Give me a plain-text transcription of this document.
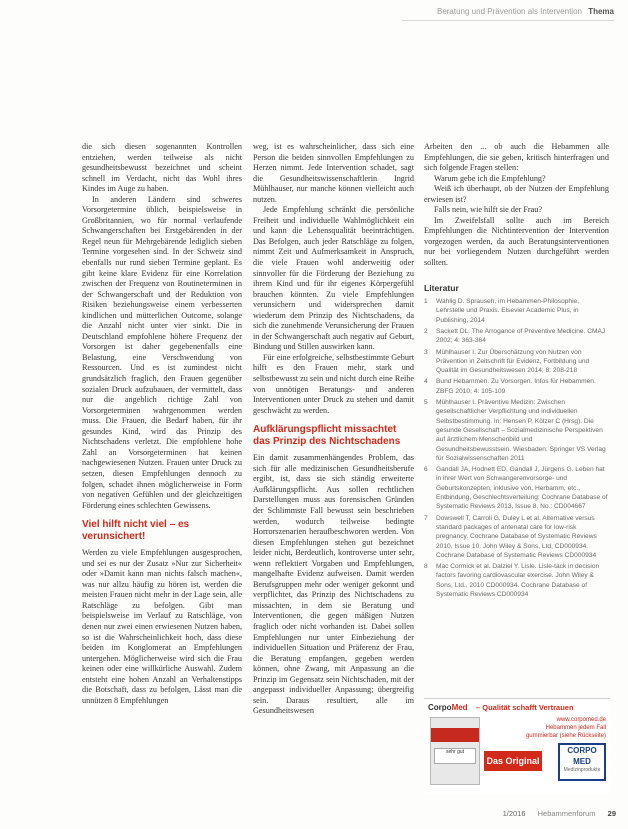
Beratung und Prävention als Intervention Thema

die sich diesen sogenannten Kontrollen entziehen, werden teilweise als nicht gesundheitsbewusst bezeichnet und scheint schnell im Verdacht, nicht das Wohl ihres Kindes im Auge zu haben.

In anderen Ländern sind schweres Vorsorgetermine üblich, beispielsweise in Großbritannien, wo für normal verlaufende Schwangerschaften bei Erstgebärenden in der Regel neun für Mehrgebärende lediglich sieben Termine vorgesehen sind. In der Schweiz sind ebenfalls nur rund sieben Termine geplant. Es gibt keine klare Evidenz für eine Korrelation zwischen der Frequenz von Routineterminen in der Schwangerschaft und der Reduktion von Risiken beziehungsweise einem verbesserten kindlichen und mütterlichen Outcome, solange die Anzahl nicht unter vier sinkt. Die in Deutschland empfohlene höhere Frequenz der Vorsorgen ist daher gegebenenfalls eine Belastung, eine Verschwendung von Ressourcen. Und es ist zumindest nicht grundsätzlich fraglich, den Frauen gegenüber sozialen Druck aufzubauen, der vermittelt, dass nur die angeblich richtige Zahl von Vorsorgeterminen wahrgenommen werden muss. Die Frauen, die Bedarf haben, für ihr gesundes Kind, wird das Prinzip des Nichtschadens verletzt. Die empfohlene hohe Zahl an Vorsorgeterminen hat keinen nachgewiesenen Nutzen. Frauen unter Druck zu setzen, diesen Empfehlungen dennoch zu folgen, schadet ihnen möglicherweise in Form von negativen Gefühlen und der gleichzeitigen Förderung eines schlechten Gewissens.

Viel hilft nicht viel – es verunsichert!

Werden zu viele Empfehlungen ausgesprochen, und sei es nur der Zusatz »Nur zur Sicherheit« oder »Damit kann man nichts falsch machen«, was nur allzu häufig zu hören ist, werden die meisten Frauen nicht mehr in der Lage sein, alle Ratschläge zu befolgen. Gibt man beispielsweise im Verlauf zu Ratschläge, von denen nur zwei einen erwiesenen Nutzen haben, so ist die Wahrscheinlichkeit hoch, dass diese beiden im Konglomerat an Empfehlungen untergehen. Möglicherweise wird sich die Frau keinen oder eine willkürliche Auswahl. Zudem entsteht eine hohen Anzahl an Verhaltenstipps die Botschaft, dass zu befolgen, Lässt man die unnützen 8 Empfehlungen

weg, ist es wahrscheinlicher, dass sich eine Person die beiden sinnvollen Empfehlungen zu Herzen nimmt. Jede Intervention schadet, sagt die Gesundheitswissenschaftlerin Ingrid Mühlhauser, nur manche können vielleicht auch nutzen.

Jede Empfehlung schränkt die persönliche Freiheit und individuelle Wahlmöglichkeit ein und kann die Lebensqualität beeinträchtigen. Das Befolgen, auch jeder Ratschläge zu folgen, nimmt Zeit und Aufmerksamkeit in Anspruch, die viele Frauen wohl anderweitig oder sinnvoller für die Förderung der Beziehung zu ihrem Kind und für ihr eigenes Körpergefühl brauchen könnten. Zu viele Empfehlungen verunsichern und widersprechen damit wiederum dem Prinzip des Nichtschadens, da sich die zunehmende Verunsicherung der Frauen in der Schwangerschaft auch negativ auf Geburt, Bindung und Stillen auswirken kann.

Für eine erfolgreiche, selbstbestimmte Geburt hilft es den Frauen mehr, stark und selbstbewusst zu sein und nicht durch eine Reihe von unnötigen Beratungs- und anderen Interventionen unter Druck zu stehen und damit geschwächt zu werden.

Aufklärungspflicht missachtet das Prinzip des Nichtschadens

Ein damit zusammenhängendes Problem, das sich für alle medizinischen Gesundheitsberufe ergibt, ist, dass sie sich ständig erweiterte Aufklärungspflicht. Aus sollen rechtlichen Darstellungen muss aus forensischen Gründen der Schlimmste Fall bewusst sein beschrieben werden, wodurch teilweise bedingte Horrorszenarien heraufbeschworen werden. Von diesen Empfehlungen stehen gut bezeichnet leider nicht, Berdeutlich, kontroverse unter sehr, wenn reflektiert Vorgaben und Empfehlungen, mangelhafte Evidenz aufweisen. Damit werden Berufsgruppen mehr oder weniger gekonnt und verpflichtet, das Prinzip des Nichtschadens zu missachten, in dem sie Beratung und Interventionen, die gegen mäßigen Nutzen fraglich oder nicht vorhanden ist. Dabei sollen Empfehlungen nur unter Einbeziehung der individuellen Situation und Präferenz der Frau, die Beratung empfangen, gegeben werden können, ohne Zwang, mit Anpassung an die Prinzip im Gegensatz sein Nichtschaden, mit der angepasst individueller Anpassung; übergreifig sein. Daraus resultiert, alle im Gesundheitswesen

Arbeiten den ... ob auch die Hebammen alle Empfehlungen, die sie geben, kritisch hinterfragen und sich folgende Fragen stellen:

Warum gebe ich die Empfehlung?

Weiß ich überhaupt, ob der Nutzen der Empfehlung erwiesen ist?

Falls nein, wie hilft sie der Frau?

Im Zweifelsfall sollte auch im Bereich Empfehlungen die Nichtintervention der Intervention vorgezogen werden, da auch Beratungsinterventionen nur bei vorliegendem Nutzen durchgeführt werden sollten.

Literatur
1 Wahlig D. Sprauseh, im Hebammen-Philosophie, Lehrstelle und Praxis. Elsevier Academic Plus, in Publishing, 2014
2 Sackett DL. The Arrogance of Preventive Medicine. CMAJ 2002; 4: 363-364
3 Mühlhauser I. Zur Überschätzung von Nutzen von Prävention in Zeitschrift für Evidenz, Fortbildung und Qualität im Gesundheitswesen 2014; 8: 208-218
4 Bund Hebammen. Zu Vorsorgen. Infos für Hebammen. ZBFG 2010; 4: 105-109
5 Mühlhauser I. Präventive Medizin: Zwischen gesellschaftlicher Verpflichtung und individuellen Selbstbestimmung. In: Hensen P, Kölzer C (Hrsg). Die gesunde Gesellschaft – Sozialmedizinische Perspektiven auf ärztlichem Menschenbild und Gesundheitsbewusstsein. Wiesbaden: Springer VS Verlag für Sozialwissenschaften 2011
6 Gandall JA, Hodnett ED, Gandall J, Jürgens G. Leben hat in ihrer Wert von Schwangerenvorsorge- und Geburtskonzepten, inklusive von, Herbamm, etc., Entbindung, Geschlechtsverteilung: Cochrane Database of Systematic Reviews 2013, Issue 8, No.: CD004667
7 Dowswell T, Carroli G, Duley L et al. Alternative versus standard packages of antenatal care for low-risk pregnancy. Cochrane Database of Systematic Reviews 2010, Issue 10. John Wiley & Sons, Ltd, CD000934. Cochrane Database of Systematic Reviews CD000934
8 Mac Cormick et al. Dalziel Y. Lisle. Lisle-tack in decision factors favoring cardiovascular exercise. John Wiley & Sons, Ltd., 2010 CD000934. Cochrane Database of Systematic Reviews CD000934
CorpoMed – Qualität schafft Vertrauen
sehr gut
www.corpomed.de
Hebammen jedem Fall gummierbar (siehe Rückseite)
Das Original
CORPO MED
Medizinprodukte
1/2016 Hebammenforum 29
